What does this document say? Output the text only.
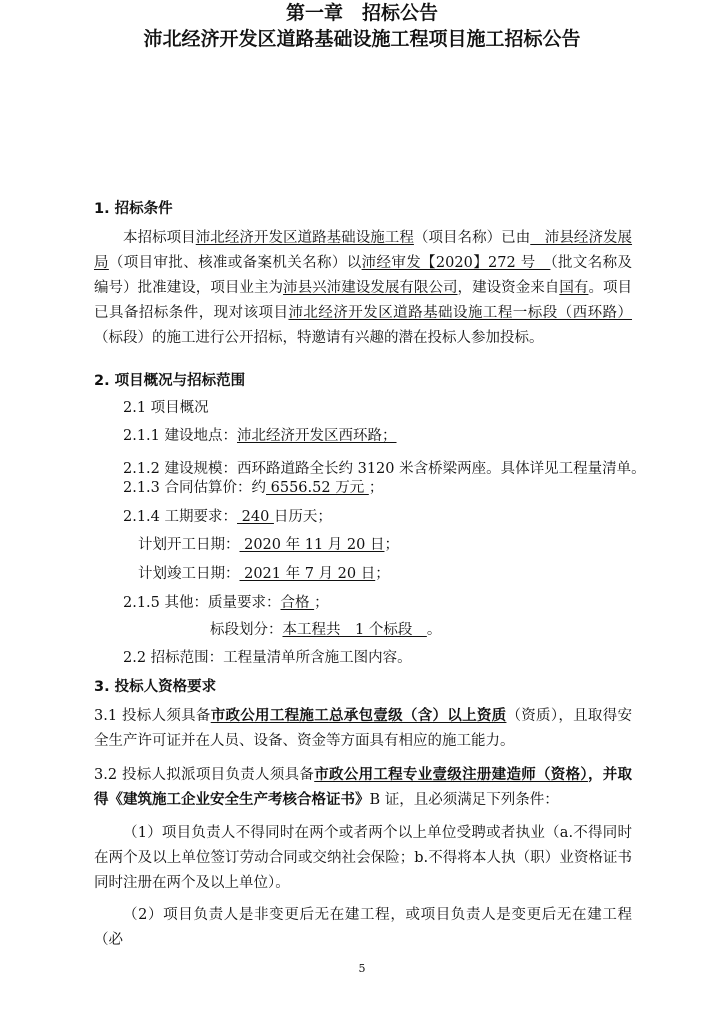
第一章　招标公告
沛北经济开发区道路基础设施工程项目施工招标公告
1. 招标条件
本招标项目沛北经济开发区道路基础设施工程（项目名称）已由　沛县经济发展局（项目审批、核准或备案机关名称）以沛经审发【2020】272 号　（批文名称及编号）批准建设，项目业主为沛县兴沛建设发展有限公司，建设资金来自国有。项目已具备招标条件，现对该项目沛北经济开发区道路基础设施工程一标段（西环路）（标段）的施工进行公开招标，特邀请有兴趣的潜在投标人参加投标。
2. 项目概况与招标范围
2.1 项目概况
2.1.1 建设地点：沛北经济开发区西环路；
2.1.2 建设规模：西环路道路全长约 3120 米含桥梁两座。具体详见工程量清单。
2.1.3 合同估算价：约 6556.52 万元 ；
2.1.4 工期要求： 240 日历天；
计划开工日期： 2020 年 11 月 20 日；
计划竣工日期： 2021 年 7 月 20 日；
2.1.5 其他：质量要求：合格 ；
标段划分：本工程共　1 个标段　。
2.2 招标范围：工程量清单所含施工图内容。
3. 投标人资格要求
3.1 投标人须具备市政公用工程施工总承包壹级（含）以上资质（资质），且取得安全生产许可证并在人员、设备、资金等方面具有相应的施工能力。
3.2 投标人拟派项目负责人须具备市政公用工程专业壹级注册建造师（资格），并取得《建筑施工企业安全生产考核合格证书》B 证，且必须满足下列条件：
（1）项目负责人不得同时在两个或者两个以上单位受聘或者执业（a.不得同时在两个及以上单位签订劳动合同或交纳社会保险；b.不得将本人执（职）业资格证书同时注册在两个及以上单位）。
（2）项目负责人是非变更后无在建工程，或项目负责人是变更后无在建工程（必
5
